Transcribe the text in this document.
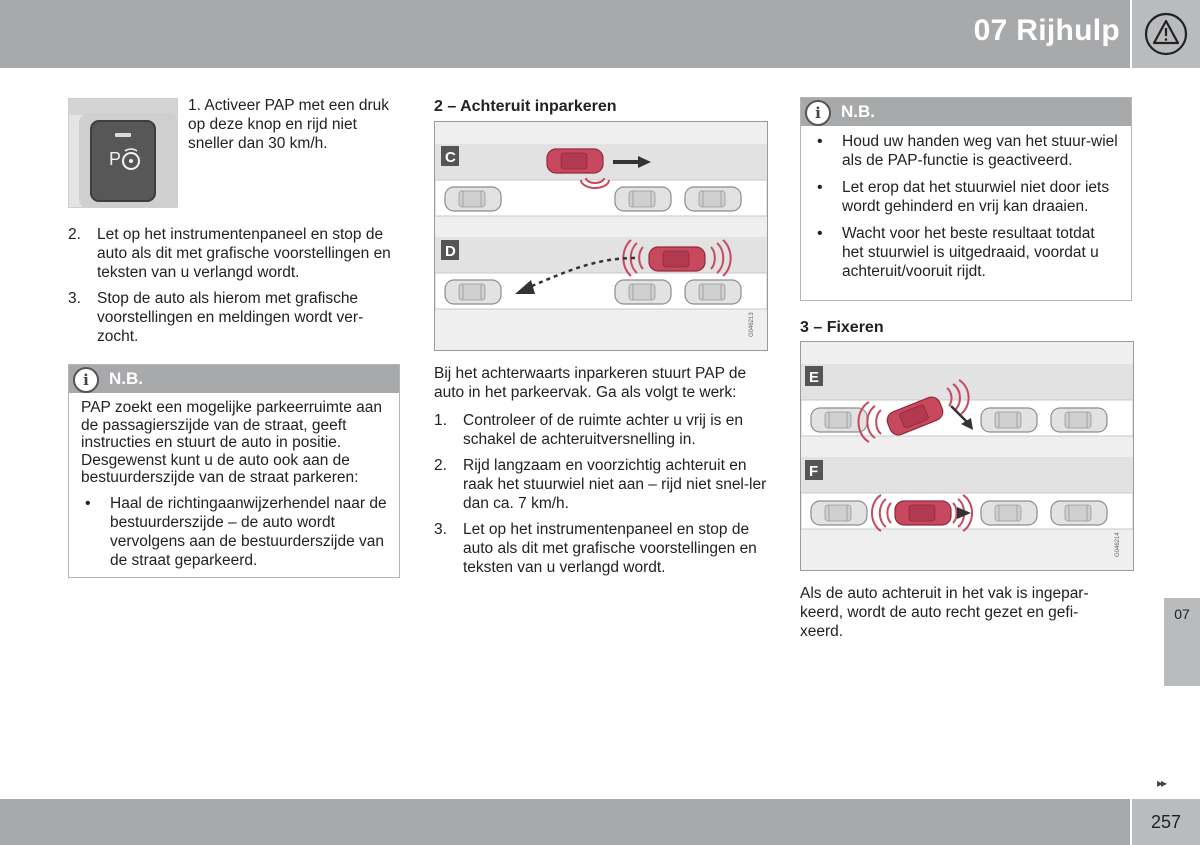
07 Rijhulp
P
1. Activeer PAP met een druk op deze knop en rijd niet sneller dan 30 km/h.
2. Let op het instrumentenpaneel en stop de auto als dit met grafische voorstellingen en teksten van u verlangd wordt.
3. Stop de auto als hierom met grafische voorstellingen en meldingen wordt ver-zocht.
i	N.B.
PAP zoekt een mogelijke parkeerruimte aan de passagierszijde van de straat, geeft instructies en stuurt de auto in positie. Desgewenst kunt u de auto ook aan de bestuurderszijde van de straat parkeren:
• Haal de richtingaanwijzerhendel naar de bestuurderszijde – de auto wordt vervolgens aan de bestuurderszijde van de straat geparkeerd.
2 – Achteruit inparkeren
C
D
G046213
Bij het achterwaarts inparkeren stuurt PAP de auto in het parkeervak. Ga als volgt te werk:
1. Controleer of de ruimte achter u vrij is en schakel de achteruitversnelling in.
2. Rijd langzaam en voorzichtig achteruit en raak het stuurwiel niet aan – rijd niet snel-ler dan ca. 7 km/h.
3. Let op het instrumentenpaneel en stop de auto als dit met grafische voorstellingen en teksten van u verlangd wordt.
i	N.B.
• Houd uw handen weg van het stuur-wiel als de PAP-functie is geactiveerd.
• Let erop dat het stuurwiel niet door iets wordt gehinderd en vrij kan draaien.
• Wacht voor het beste resultaat totdat het stuurwiel is uitgedraaid, voordat u achteruit/vooruit rijdt.
3 – Fixeren
E
F
G046214
Als de auto achteruit in het vak is ingepar-keerd, wordt de auto recht gezet en gefi-xeerd.
07
▸▸
257
